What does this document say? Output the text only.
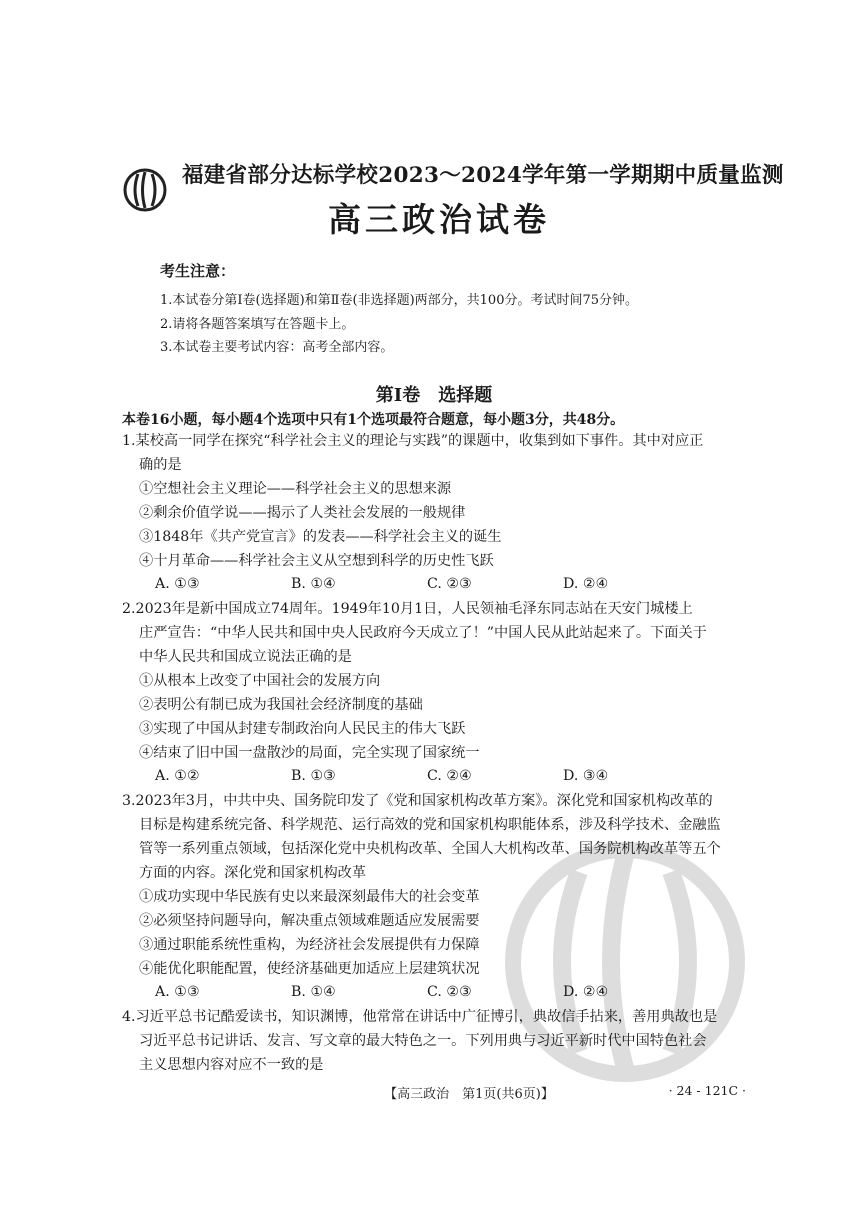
福建省部分达标学校2023～2024学年第一学期期中质量监测
高三政治试卷
考生注意：
1.本试卷分第Ⅰ卷(选择题)和第Ⅱ卷(非选择题)两部分，共100分。考试时间75分钟。
2.请将各题答案填写在答题卡上。
3.本试卷主要考试内容：高考全部内容。
第Ⅰ卷　选择题
本卷16小题，每小题4个选项中只有1个选项最符合题意，每小题3分，共48分。
1.某校高一同学在探究“科学社会主义的理论与实践”的课题中，收集到如下事件。其中对应正
确的是
①空想社会主义理论——科学社会主义的思想来源
②剩余价值学说——揭示了人类社会发展的一般规律
③1848年《共产党宣言》的发表——科学社会主义的诞生
④十月革命——科学社会主义从空想到科学的历史性飞跃
A. ①③	B. ①④	C. ②③	D. ②④
2.2023年是新中国成立74周年。1949年10月1日，人民领袖毛泽东同志站在天安门城楼上
庄严宣告：“中华人民共和国中央人民政府今天成立了！”中国人民从此站起来了。下面关于
中华人民共和国成立说法正确的是
①从根本上改变了中国社会的发展方向
②表明公有制已成为我国社会经济制度的基础
③实现了中国从封建专制政治向人民民主的伟大飞跃
④结束了旧中国一盘散沙的局面，完全实现了国家统一
A. ①②	B. ①③	C. ②④	D. ③④
3.2023年3月，中共中央、国务院印发了《党和国家机构改革方案》。深化党和国家机构改革的
目标是构建系统完备、科学规范、运行高效的党和国家机构职能体系，涉及科学技术、金融监
管等一系列重点领域，包括深化党中央机构改革、全国人大机构改革、国务院机构改革等五个
方面的内容。深化党和国家机构改革
①成功实现中华民族有史以来最深刻最伟大的社会变革
②必须坚持问题导向，解决重点领域难题适应发展需要
③通过职能系统性重构，为经济社会发展提供有力保障
④能优化职能配置，使经济基础更加适应上层建筑状况
A. ①③	B. ①④	C. ②③	D. ②④
4.习近平总书记酷爱读书，知识渊博，他常常在讲话中广征博引，典故信手拈来，善用典故也是
习近平总书记讲话、发言、写文章的最大特色之一。下列用典与习近平新时代中国特色社会
主义思想内容对应不一致的是
【高三政治　第1页(共6页)】	· 24 - 121C ·
